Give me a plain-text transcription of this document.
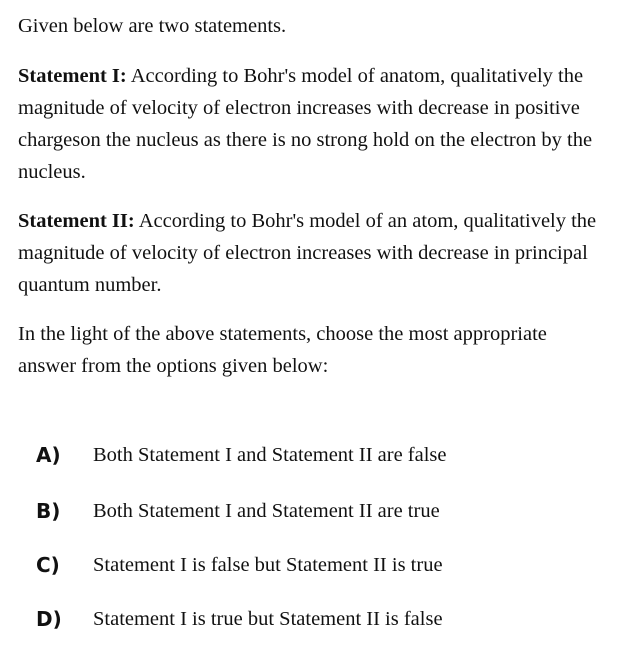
Given below are two statements.

Statement I: According to Bohr's model of anatom, qualitatively the magnitude of velocity of electron increases with decrease in positive chargeson the nucleus as there is no strong hold on the electron by the nucleus.

Statement II: According to Bohr's model of an atom, qualitatively the magnitude of velocity of electron increases with decrease in principal quantum number.

In the light of the above statements, choose the most appropriate answer from the options given below:

A) Both Statement I and Statement II are false
B) Both Statement I and Statement II are true
C) Statement I is false but Statement II is true
D) Statement I is true but Statement II is false
